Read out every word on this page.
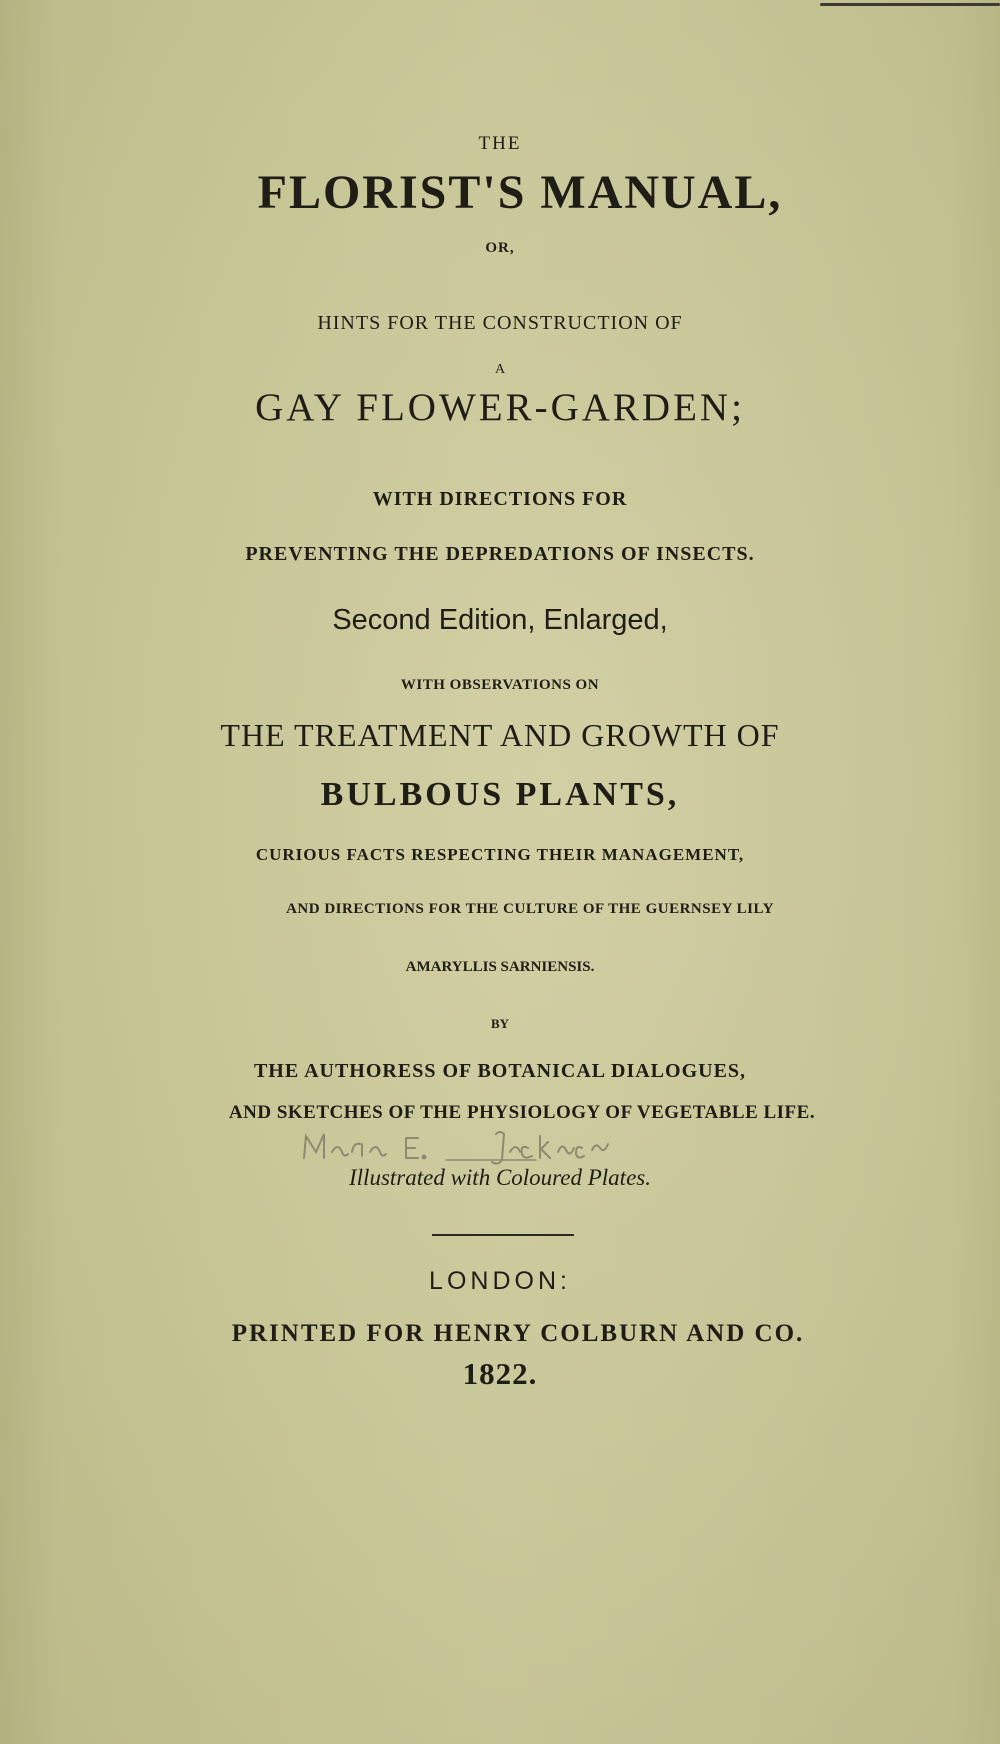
THE
FLORIST'S MANUAL,
OR,
HINTS FOR THE CONSTRUCTION OF
A
GAY FLOWER-GARDEN;
WITH DIRECTIONS FOR
PREVENTING THE DEPREDATIONS OF INSECTS.
Second Edition, Enlarged,
WITH OBSERVATIONS ON
THE TREATMENT AND GROWTH OF
BULBOUS PLANTS,
CURIOUS FACTS RESPECTING THEIR MANAGEMENT,
AND DIRECTIONS FOR THE CULTURE OF THE GUERNSEY LILY
AMARYLLIS SARNIENSIS.
BY
THE AUTHORESS OF BOTANICAL DIALOGUES,
AND SKETCHES OF THE PHYSIOLOGY OF VEGETABLE LIFE.
Illustrated with Coloured Plates.
LONDON:
PRINTED FOR HENRY COLBURN AND CO.
1822.
